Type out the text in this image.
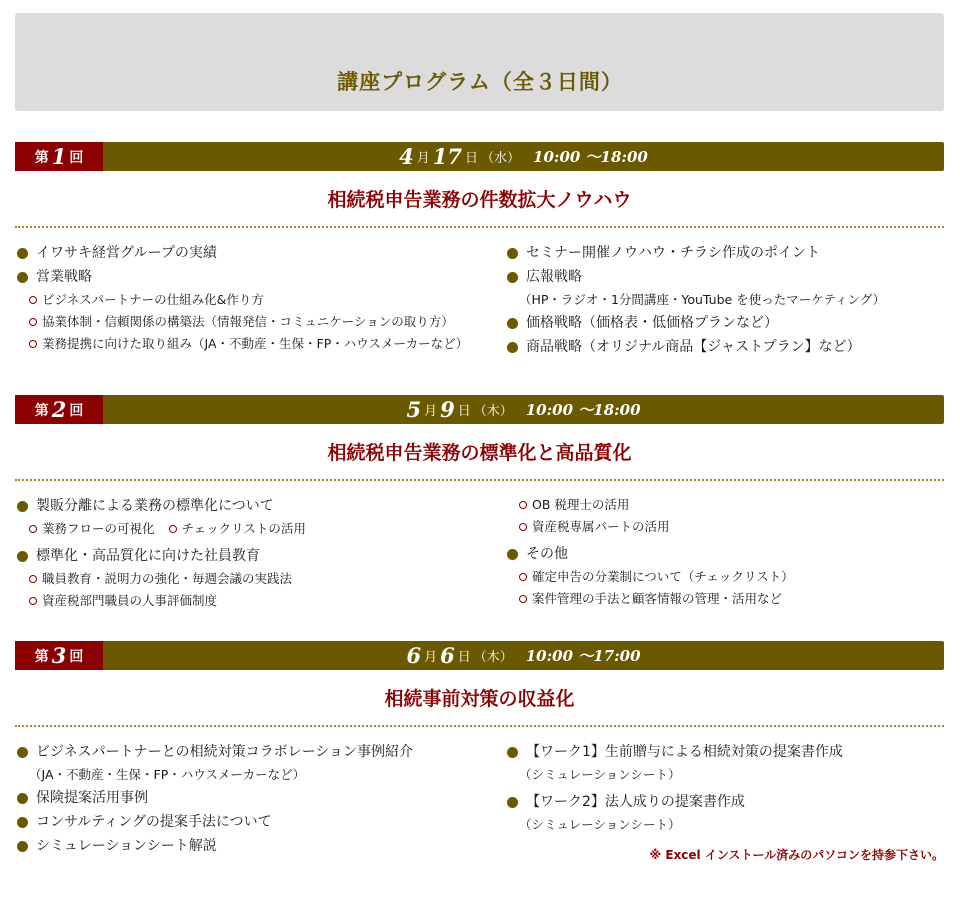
講座プログラム（全３日間）
第 1 回	4 月 17 日 （水） 10:00 ～18:00
相続税申告業務の件数拡大ノウハウ
イワサキ経営グループの実績
営業戦略
ビジネスパートナーの仕組み化&作り方
協業体制・信頼関係の構築法（情報発信・コミュニケーションの取り方）
業務提携に向けた取り組み（JA・不動産・生保・FP・ハウスメーカーなど）
セミナー開催ノウハウ・チラシ作成のポイント
広報戦略
（HP・ラジオ・1分間講座・YouTube を使ったマーケティング）
価格戦略（価格表・低価格プランなど）
商品戦略（オリジナル商品【ジャストプラン】など）
第 2 回	5 月 9 日 （木） 10:00 ～18:00
相続税申告業務の標準化と高品質化
製販分離による業務の標準化について
業務フローの可視化 チェックリストの活用
標準化・高品質化に向けた社員教育
職員教育・説明力の強化・毎週会議の実践法
資産税部門職員の人事評価制度
OB 税理士の活用
資産税専属パートの活用
その他
確定申告の分業制について（チェックリスト）
案件管理の手法と顧客情報の管理・活用など
第 3 回	6 月 6 日 （木） 10:00 ～17:00
相続事前対策の収益化
ビジネスパートナーとの相続対策コラボレーション事例紹介
（JA・不動産・生保・FP・ハウスメーカーなど）
保険提案活用事例
コンサルティングの提案手法について
シミュレーションシート解説
【ワーク1】生前贈与による相続対策の提案書作成
（シミュレーションシート）
【ワーク2】法人成りの提案書作成
（シミュレーションシート）
※ Excel インストール済みのパソコンを持参下さい。
